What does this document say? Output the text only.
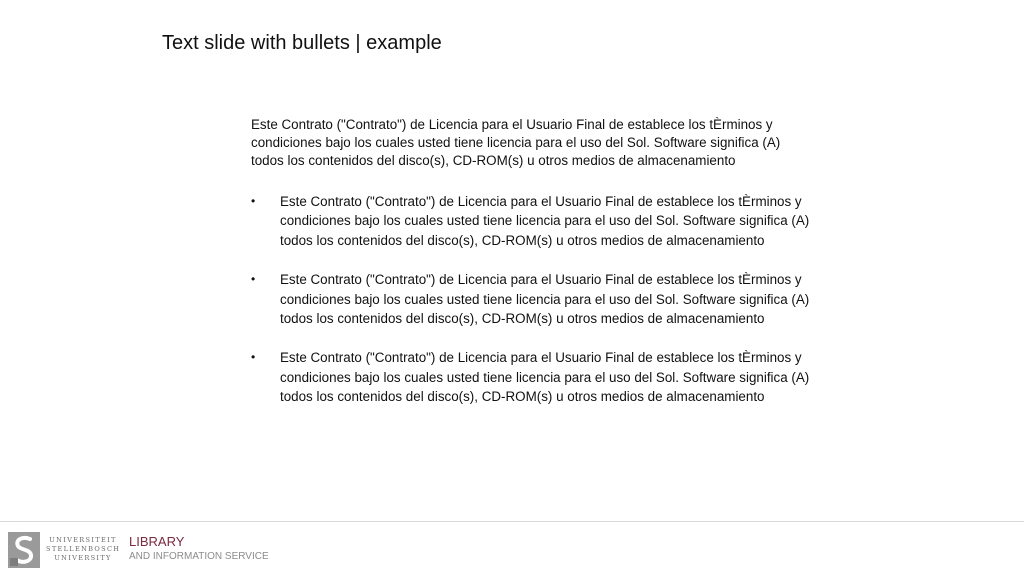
Text slide with bullets | example

Este Contrato ("Contrato") de Licencia para el Usuario Final de establece los tÈrminos y condiciones bajo los cuales usted tiene licencia para el uso del Sol. Software significa (A) todos los contenidos del disco(s), CD-ROM(s) u otros medios de almacenamiento

• Este Contrato ("Contrato") de Licencia para el Usuario Final de establece los tÈrminos y condiciones bajo los cuales usted tiene licencia para el uso del Sol. Software significa (A) todos los contenidos del disco(s), CD-ROM(s) u otros medios de almacenamiento
• Este Contrato ("Contrato") de Licencia para el Usuario Final de establece los tÈrminos y condiciones bajo los cuales usted tiene licencia para el uso del Sol. Software significa (A) todos los contenidos del disco(s), CD-ROM(s) u otros medios de almacenamiento
• Este Contrato ("Contrato") de Licencia para el Usuario Final de establece los tÈrminos y condiciones bajo los cuales usted tiene licencia para el uso del Sol. Software significa (A) todos los contenidos del disco(s), CD-ROM(s) u otros medios de almacenamiento
UNIVERSITEIT
STELLENBOSCH
UNIVERSITY
LIBRARY
AND INFORMATION SERVICE
